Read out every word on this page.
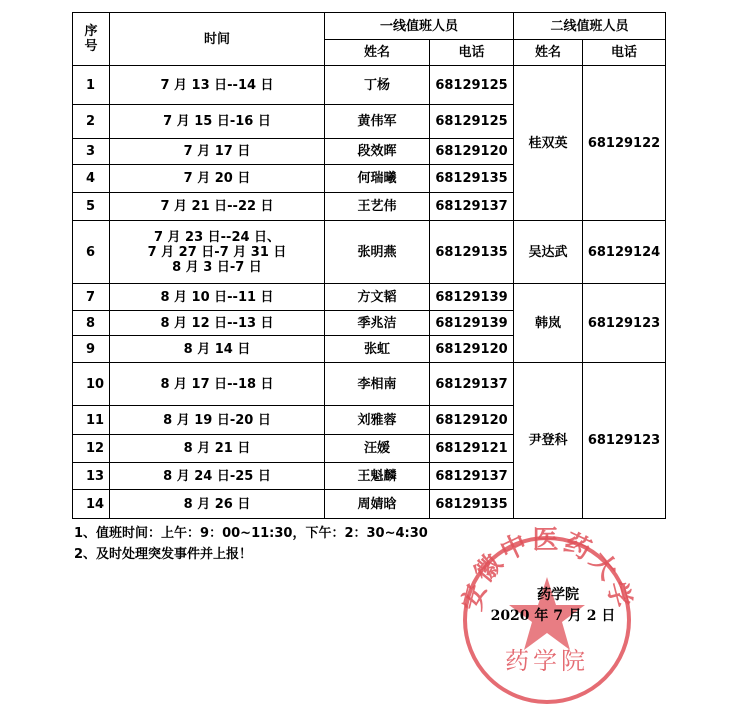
序号	时间	一线值班人员		二线值班人员	
		姓名	电话	姓名	电话
1	7 月 13 日--14 日	丁杨	68129125	桂双英	68129122
2	7 月 15 日-16 日	黄伟军	68129125		
3	7 月 17 日	段效晖	68129120		
4	7 月 20 日	何瑞曦	68129135		
5	7 月 21 日--22 日	王艺伟	68129137		
6	7 月 23 日--24 日、
7 月 27 日-7 月 31 日
8 月 3 日-7 日	张明燕	68129135	吴达武	68129124
7	8 月 10 日--11 日	方文韬	68129139	韩岚	68129123
8	8 月 12 日--13 日	季兆洁	68129139		
9	8 月 14 日	张虹	68129120		
10	8 月 17 日--18 日	李相南	68129137	尹登科	68129123
11	8 月 19 日-20 日	刘雅蓉	68129120		
12	8 月 21 日	汪媛	68129121		
13	8 月 24 日-25 日	王魁麟	68129137		
14	8 月 26 日	周婧晗	68129135		
1、值班时间：上午：9：00~11:30，下午：2：30~4:30
2、及时处理突发事件并上报！
安徽中医药大学
药学院
药学院
2020 年 7 月 2 日
